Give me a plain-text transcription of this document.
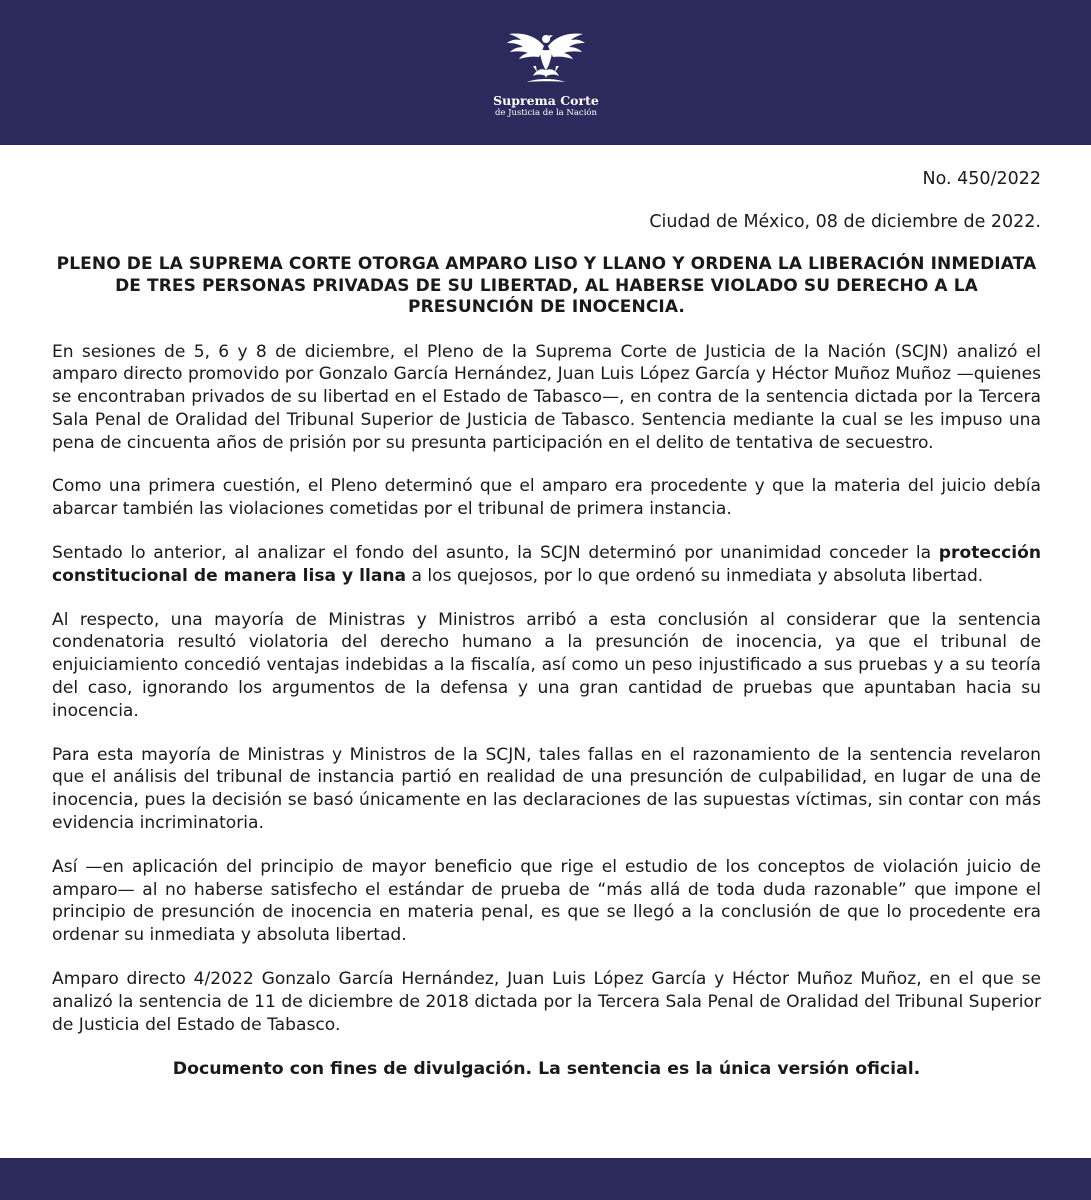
Suprema Corte
de Justicia de la Nación
No. 450/2022
Ciudad de México, 08 de diciembre de 2022.
PLENO DE LA SUPREMA CORTE OTORGA AMPARO LISO Y LLANO Y ORDENA LA LIBERACIÓN INMEDIATA DE TRES PERSONAS PRIVADAS DE SU LIBERTAD, AL HABERSE VIOLADO SU DERECHO A LA PRESUNCIÓN DE INOCENCIA.

En sesiones de 5, 6 y 8 de diciembre, el Pleno de la Suprema Corte de Justicia de la Nación (SCJN) analizó el amparo directo promovido por Gonzalo García Hernández, Juan Luis López García y Héctor Muñoz Muñoz —quienes se encontraban privados de su libertad en el Estado de Tabasco—, en contra de la sentencia dictada por la Tercera Sala Penal de Oralidad del Tribunal Superior de Justicia de Tabasco. Sentencia mediante la cual se les impuso una pena de cincuenta años de prisión por su presunta participación en el delito de tentativa de secuestro.

Como una primera cuestión, el Pleno determinó que el amparo era procedente y que la materia del juicio debía abarcar también las violaciones cometidas por el tribunal de primera instancia.

Sentado lo anterior, al analizar el fondo del asunto, la SCJN determinó por unanimidad conceder la protección constitucional de manera lisa y llana a los quejosos, por lo que ordenó su inmediata y absoluta libertad.

Al respecto, una mayoría de Ministras y Ministros arribó a esta conclusión al considerar que la sentencia condenatoria resultó violatoria del derecho humano a la presunción de inocencia, ya que el tribunal de enjuiciamiento concedió ventajas indebidas a la fiscalía, así como un peso injustificado a sus pruebas y a su teoría del caso, ignorando los argumentos de la defensa y una gran cantidad de pruebas que apuntaban hacia su inocencia.

Para esta mayoría de Ministras y Ministros de la SCJN, tales fallas en el razonamiento de la sentencia revelaron que el análisis del tribunal de instancia partió en realidad de una presunción de culpabilidad, en lugar de una de inocencia, pues la decisión se basó únicamente en las declaraciones de las supuestas víctimas, sin contar con más evidencia incriminatoria.

Así —en aplicación del principio de mayor beneficio que rige el estudio de los conceptos de violación juicio de amparo— al no haberse satisfecho el estándar de prueba de “más allá de toda duda razonable” que impone el principio de presunción de inocencia en materia penal, es que se llegó a la conclusión de que lo procedente era ordenar su inmediata y absoluta libertad.

Amparo directo 4/2022 Gonzalo García Hernández, Juan Luis López García y Héctor Muñoz Muñoz, en el que se analizó la sentencia de 11 de diciembre de 2018 dictada por la Tercera Sala Penal de Oralidad del Tribunal Superior de Justicia del Estado de Tabasco.

Documento con fines de divulgación. La sentencia es la única versión oficial.
